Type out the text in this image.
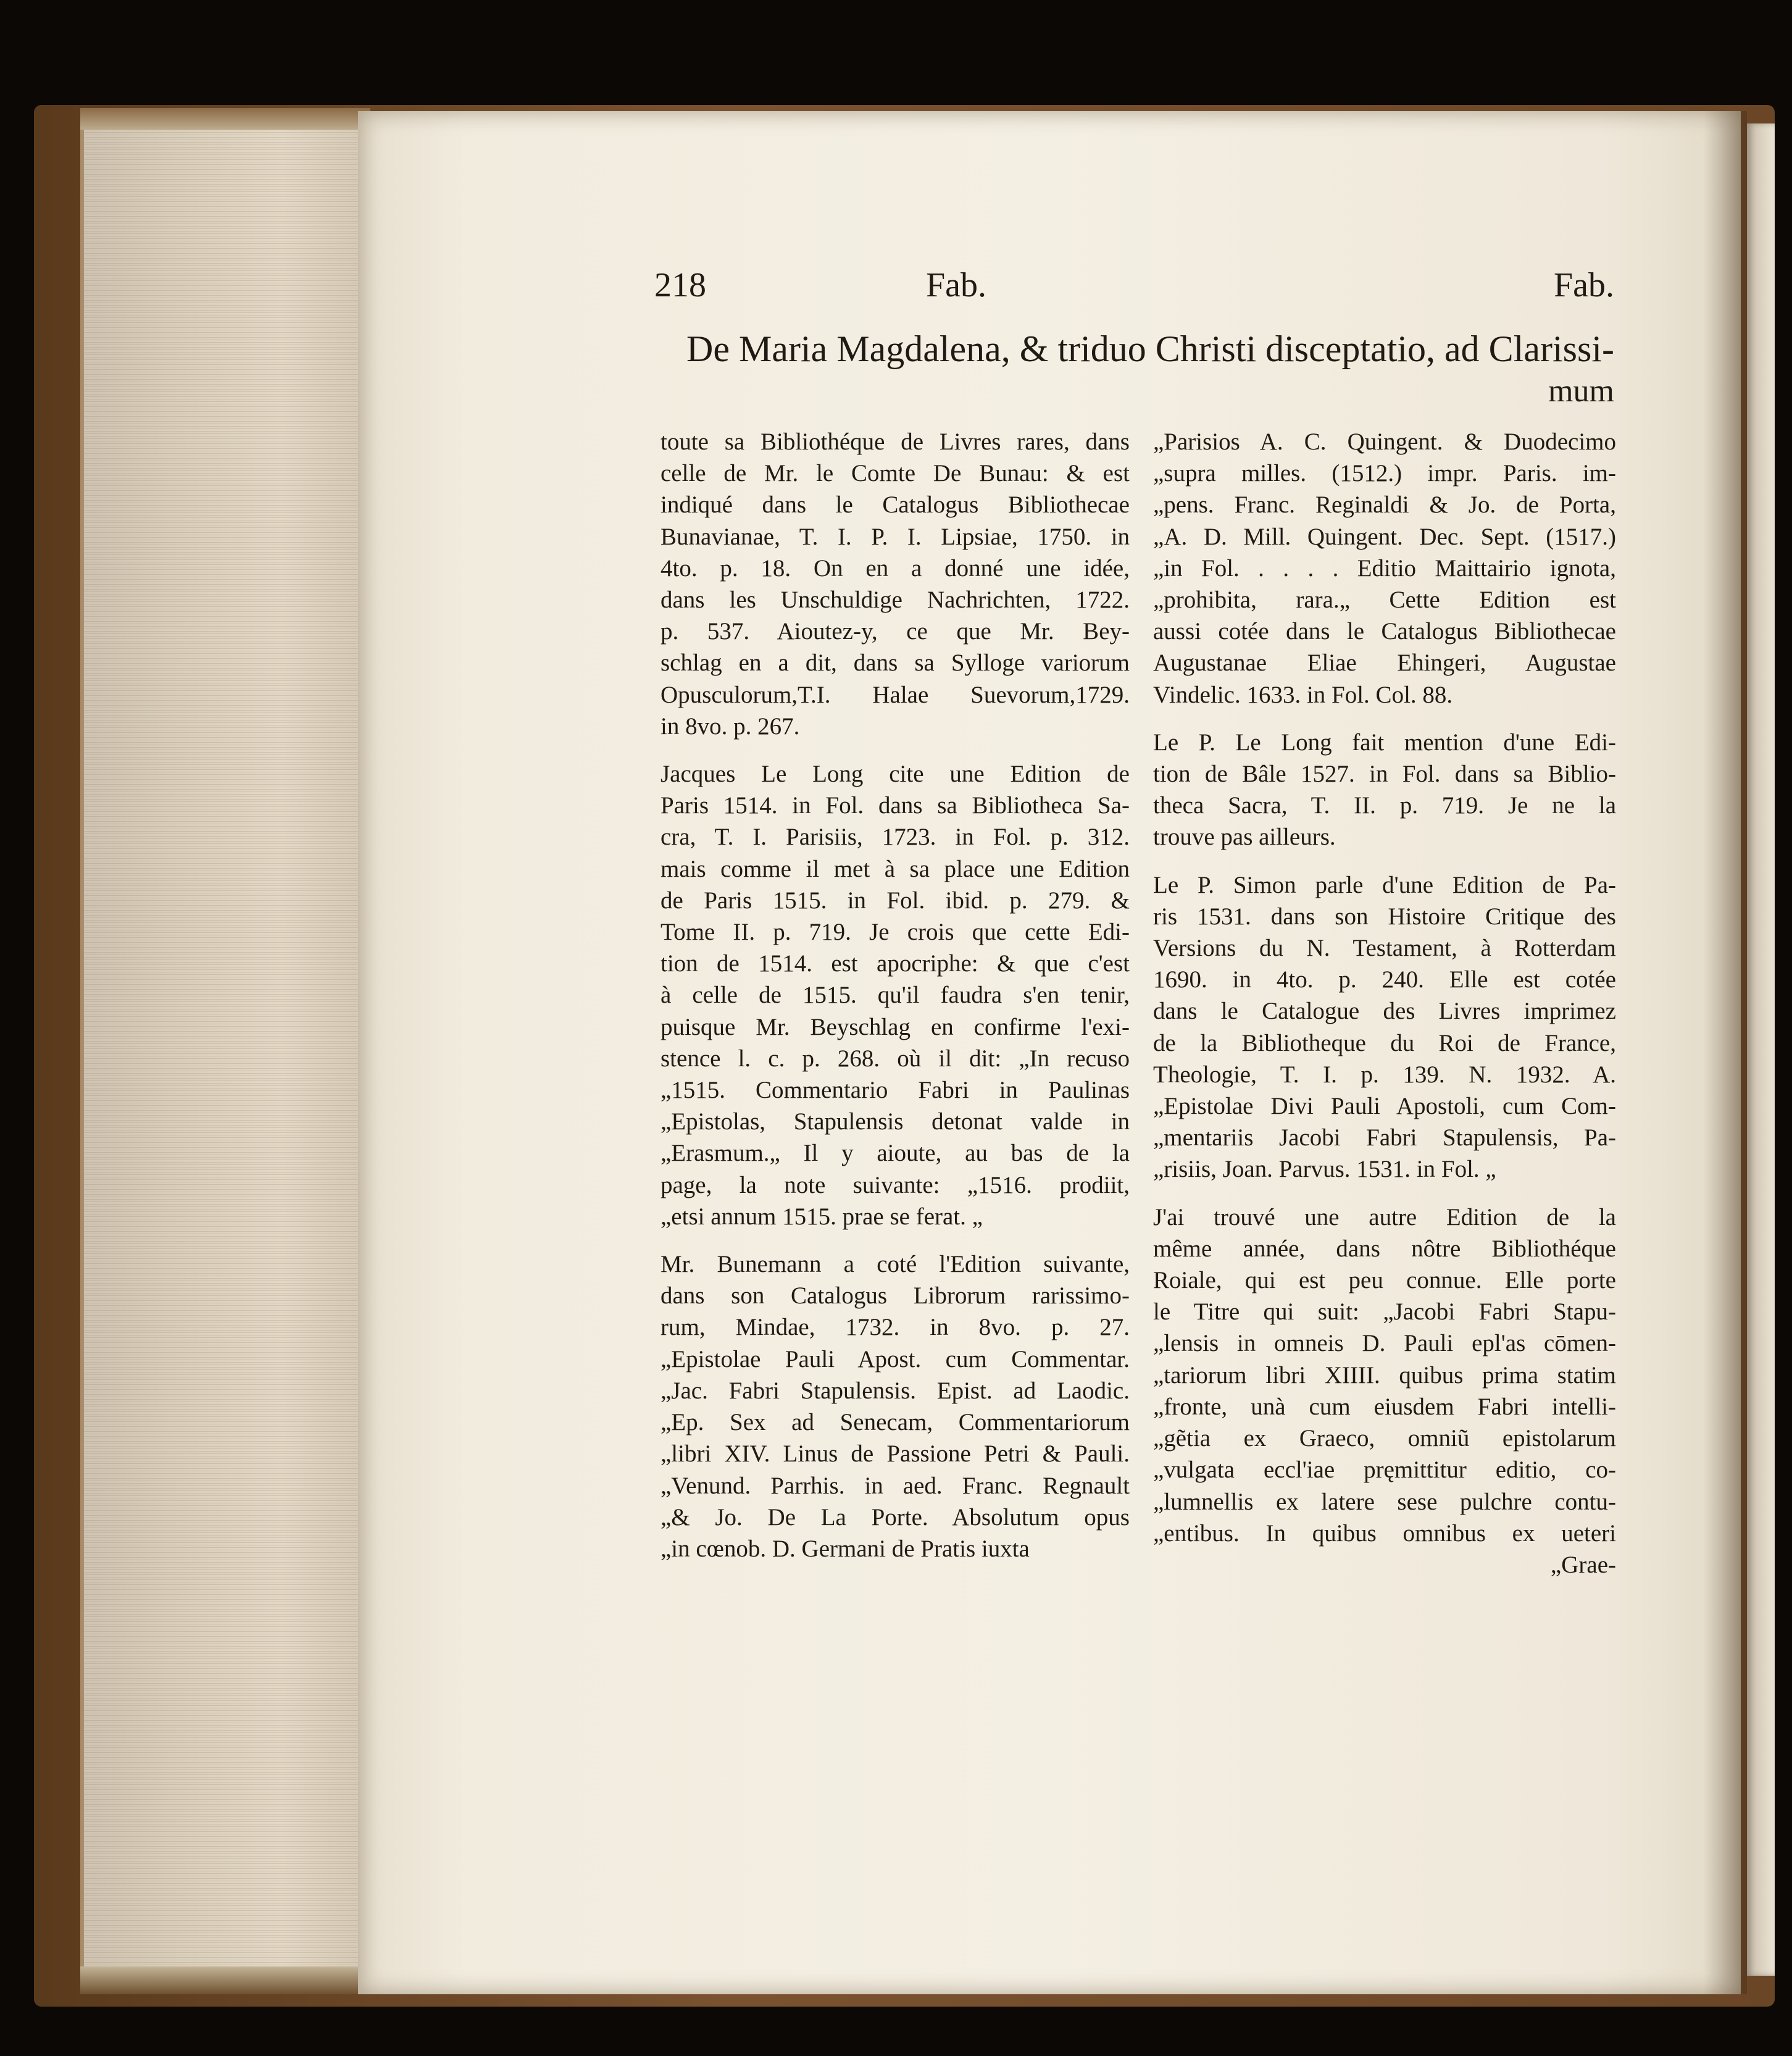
218	Fab.	Fab.
De Maria Magdalena, & triduo Christi disceptatio, ad Clarissi-
mum
toute sa Bibliothéque de Livres rares, dans
celle de Mr. le Comte De Bunau: & est
indiqué dans le Catalogus Bibliothecae
Bunavianae, T. I. P. I. Lipsiae, 1750. in
4to. p. 18. On en a donné une idée,
dans les Unschuldige Nachrichten, 1722.
p. 537. Aioutez-y, ce que Mr. Bey-
schlag en a dit, dans sa Sylloge variorum
Opusculorum,T.I. Halae Suevorum,1729.
in 8vo. p. 267.
Jacques Le Long cite une Edition de
Paris 1514. in Fol. dans sa Bibliotheca Sa-
cra, T. I. Parisiis, 1723. in Fol. p. 312.
mais comme il met à sa place une Edition
de Paris 1515. in Fol. ibid. p. 279. &
Tome II. p. 719. Je crois que cette Edi-
tion de 1514. est apocriphe: & que c'est
à celle de 1515. qu'il faudra s'en tenir,
puisque Mr. Beyschlag en confirme l'exi-
stence l. c. p. 268. où il dit: „In recuso
„1515. Commentario Fabri in Paulinas
„Epistolas, Stapulensis detonat valde in
„Erasmum.„ Il y aioute, au bas de la
page, la note suivante: „1516. prodiit,
„etsi annum 1515. prae se ferat. „
Mr. Bunemann a coté l'Edition suivante,
dans son Catalogus Librorum rarissimo-
rum, Mindae, 1732. in 8vo. p. 27.
„Epistolae Pauli Apost. cum Commentar.
„Jac. Fabri Stapulensis. Epist. ad Laodic.
„Ep. Sex ad Senecam, Commentariorum
„libri XIV. Linus de Passione Petri & Pauli.
„Venund. Parrhis. in aed. Franc. Regnault
„& Jo. De La Porte. Absolutum opus
„in cœnob. D. Germani de Pratis iuxta
„Parisios A. C. Quingent. & Duodecimo
„supra milles. (1512.) impr. Paris. im-
„pens. Franc. Reginaldi & Jo. de Porta,
„A. D. Mill. Quingent. Dec. Sept. (1517.)
„in Fol. . . . . Editio Maittairio ignota,
„prohibita, rara.„ Cette Edition est
aussi cotée dans le Catalogus Bibliothecae
Augustanae Eliae Ehingeri, Augustae
Vindelic. 1633. in Fol. Col. 88.
Le P. Le Long fait mention d'une Edi-
tion de Bâle 1527. in Fol. dans sa Biblio-
theca Sacra, T. II. p. 719. Je ne la
trouve pas ailleurs.
Le P. Simon parle d'une Edition de Pa-
ris 1531. dans son Histoire Critique des
Versions du N. Testament, à Rotterdam
1690. in 4to. p. 240. Elle est cotée
dans le Catalogue des Livres imprimez
de la Bibliotheque du Roi de France,
Theologie, T. I. p. 139. N. 1932. A.
„Epistolae Divi Pauli Apostoli, cum Com-
„mentariis Jacobi Fabri Stapulensis, Pa-
„risiis, Joan. Parvus. 1531. in Fol. „
J'ai trouvé une autre Edition de la
même année, dans nôtre Bibliothéque
Roiale, qui est peu connue. Elle porte
le Titre qui suit: „Jacobi Fabri Stapu-
„lensis in omneis D. Pauli epl'as cōmen-
„tariorum libri XIIII. quibus prima statim
„fronte, unà cum eiusdem Fabri intelli-
„gẽtia ex Graeco, omniũ epistolarum
„vulgata eccl'iae pręmittitur editio, co-
„lumnellis ex latere sese pulchre contu-
„entibus. In quibus omnibus ex ueteri
„Grae-
